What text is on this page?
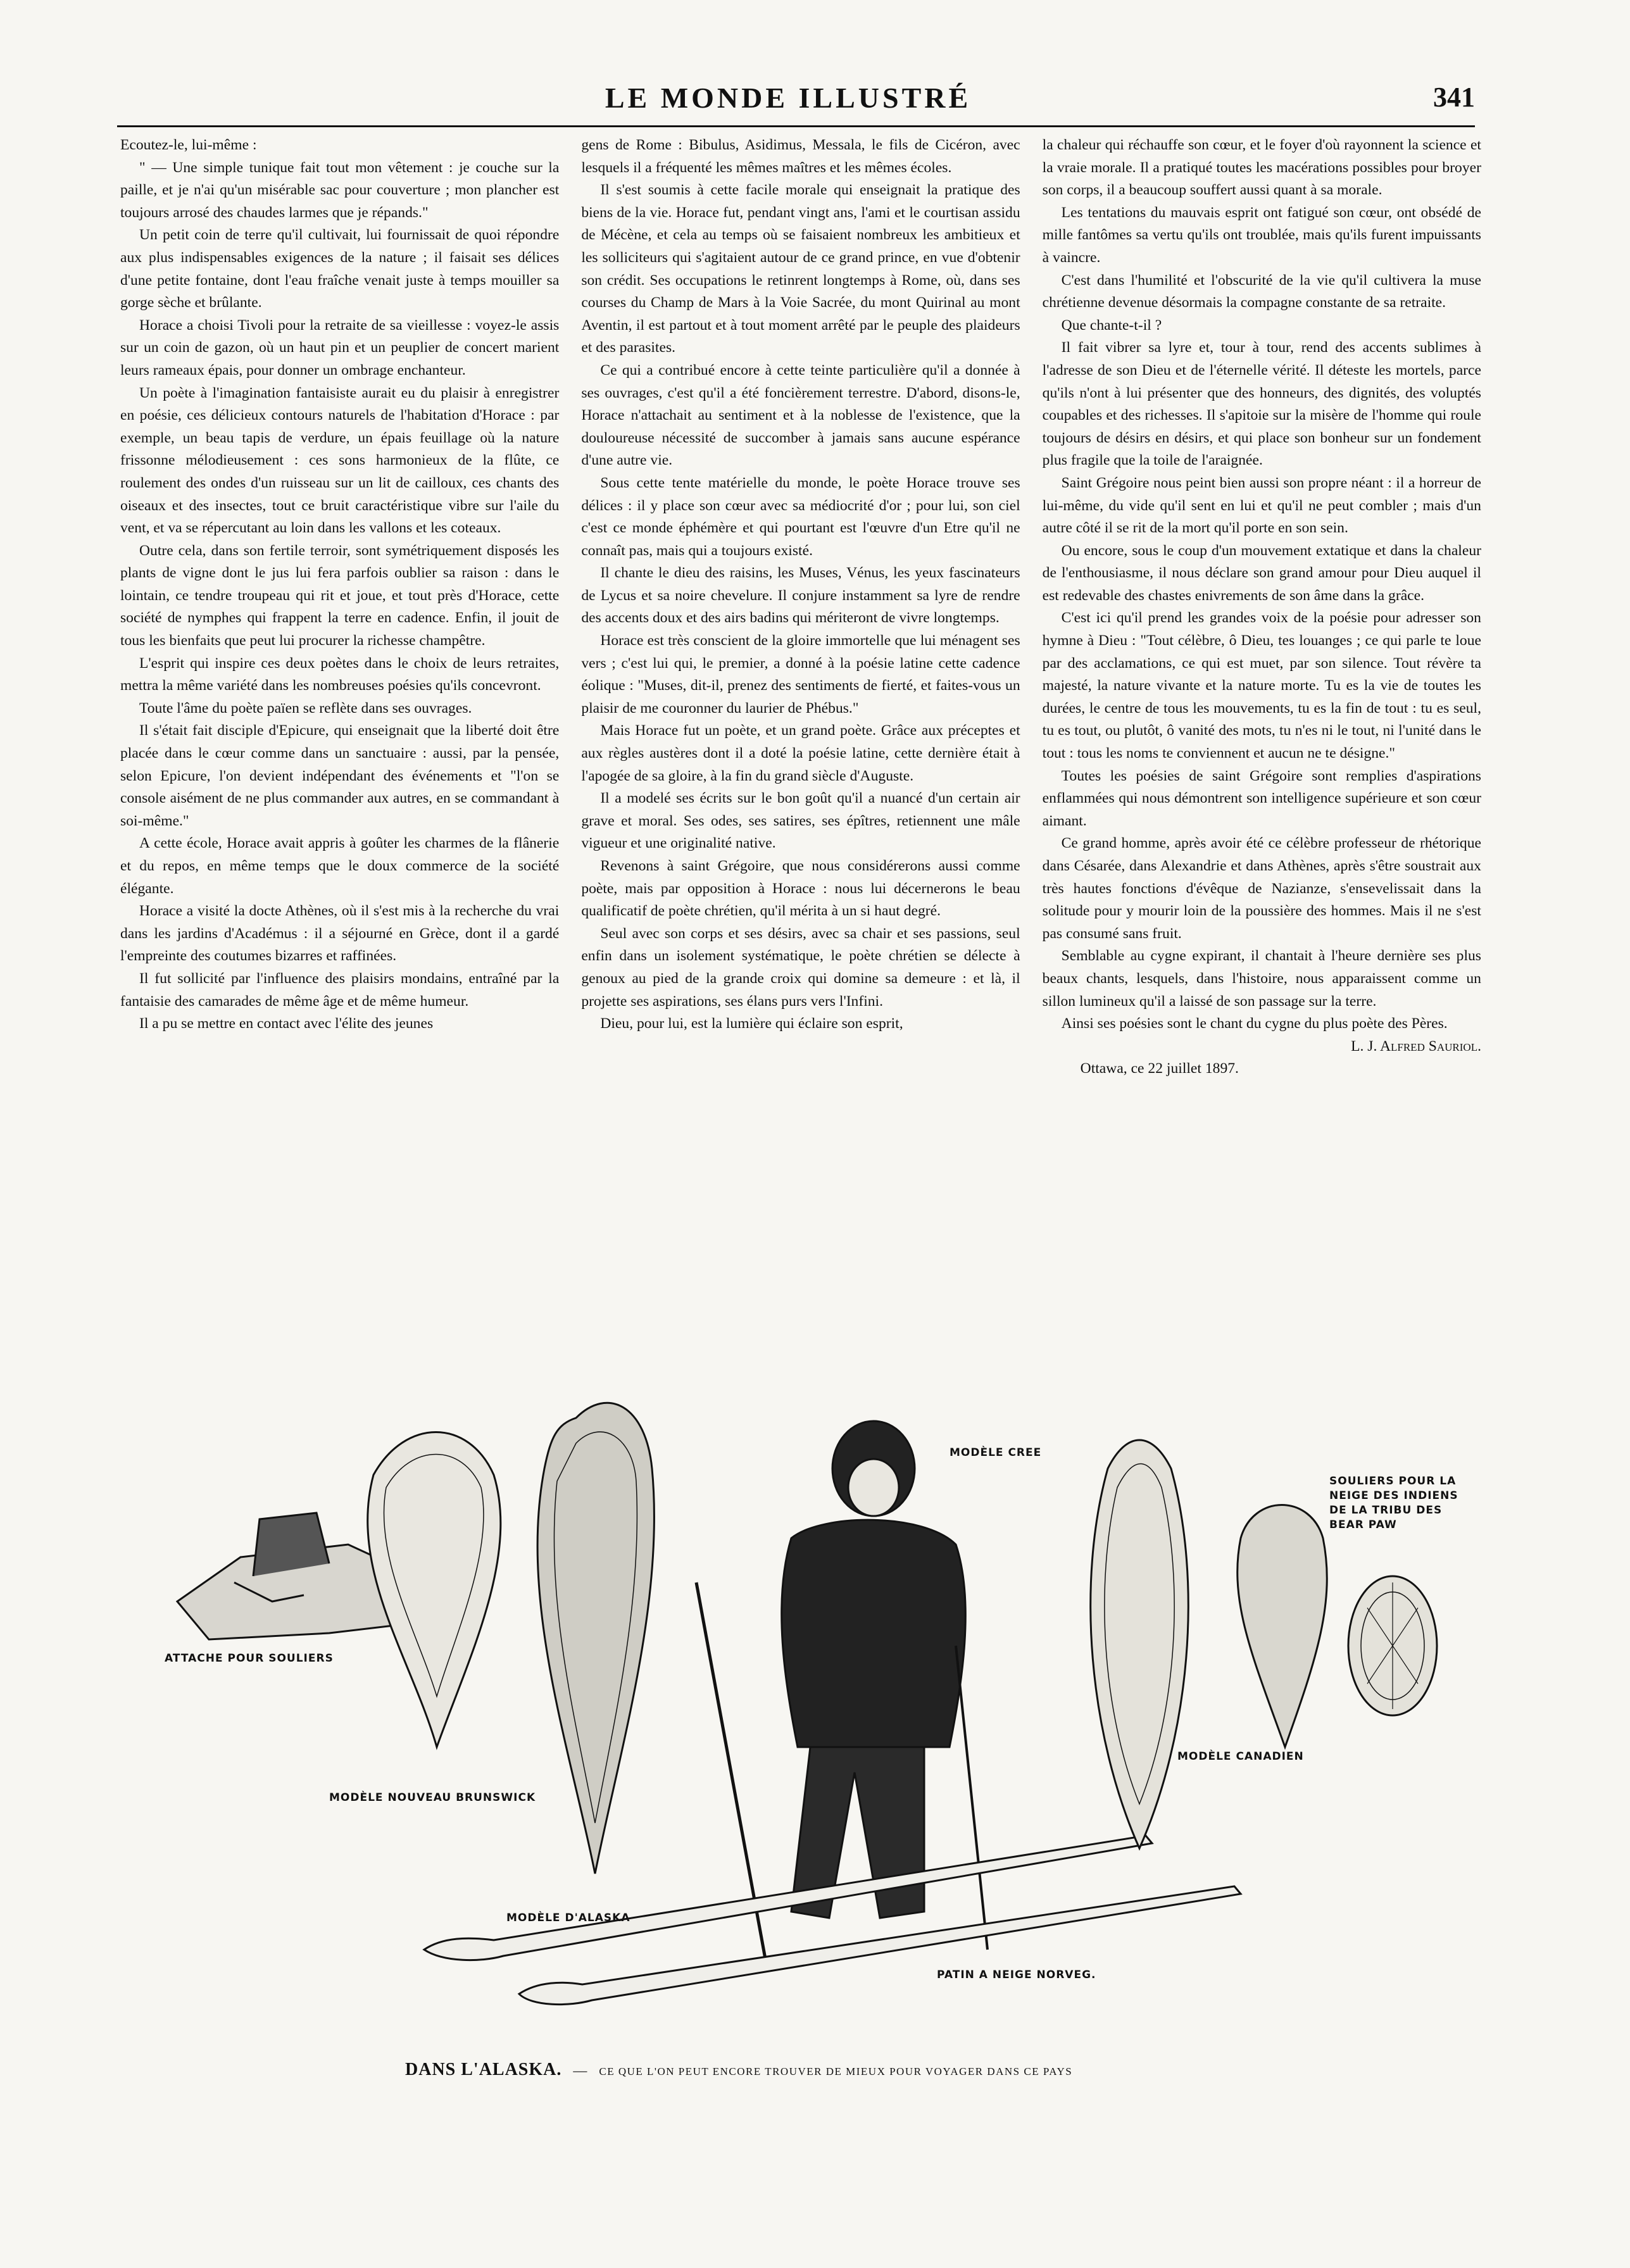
LE MONDE ILLUSTRÉ	341

Ecoutez-le, lui-même :

" — Une simple tunique fait tout mon vêtement : je couche sur la paille, et je n'ai qu'un misérable sac pour couverture ; mon plancher est toujours arrosé des chaudes larmes que je répands."

Un petit coin de terre qu'il cultivait, lui fournissait de quoi répondre aux plus indispensables exigences de la nature ; il faisait ses délices d'une petite fontaine, dont l'eau fraîche venait juste à temps mouiller sa gorge sèche et brûlante.

Horace a choisi Tivoli pour la retraite de sa vieillesse : voyez-le assis sur un coin de gazon, où un haut pin et un peuplier de concert marient leurs rameaux épais, pour donner un ombrage enchanteur.

Un poète à l'imagination fantaisiste aurait eu du plaisir à enregistrer en poésie, ces délicieux contours naturels de l'habitation d'Horace : par exemple, un beau tapis de verdure, un épais feuillage où la nature frissonne mélodieusement : ces sons harmonieux de la flûte, ce roulement des ondes d'un ruisseau sur un lit de cailloux, ces chants des oiseaux et des insectes, tout ce bruit caractéristique vibre sur l'aile du vent, et va se répercutant au loin dans les vallons et les coteaux.

Outre cela, dans son fertile terroir, sont symétriquement disposés les plants de vigne dont le jus lui fera parfois oublier sa raison : dans le lointain, ce tendre troupeau qui rit et joue, et tout près d'Horace, cette société de nymphes qui frappent la terre en cadence. Enfin, il jouit de tous les bienfaits que peut lui procurer la richesse champêtre.

L'esprit qui inspire ces deux poètes dans le choix de leurs retraites, mettra la même variété dans les nombreuses poésies qu'ils concevront.

Toute l'âme du poète païen se reflète dans ses ouvrages.

Il s'était fait disciple d'Epicure, qui enseignait que la liberté doit être placée dans le cœur comme dans un sanctuaire : aussi, par la pensée, selon Epicure, l'on devient indépendant des événements et "l'on se console aisément de ne plus commander aux autres, en se commandant à soi-même."

A cette école, Horace avait appris à goûter les charmes de la flânerie et du repos, en même temps que le doux commerce de la société élégante.

Horace a visité la docte Athènes, où il s'est mis à la recherche du vrai dans les jardins d'Académus : il a séjourné en Grèce, dont il a gardé l'empreinte des coutumes bizarres et raffinées.

Il fut sollicité par l'influence des plaisirs mondains, entraîné par la fantaisie des camarades de même âge et de même humeur.

Il a pu se mettre en contact avec l'élite des jeunes

gens de Rome : Bibulus, Asidimus, Messala, le fils de Cicéron, avec lesquels il a fréquenté les mêmes maîtres et les mêmes écoles.

Il s'est soumis à cette facile morale qui enseignait la pratique des biens de la vie. Horace fut, pendant vingt ans, l'ami et le courtisan assidu de Mécène, et cela au temps où se faisaient nombreux les ambitieux et les solliciteurs qui s'agitaient autour de ce grand prince, en vue d'obtenir son crédit. Ses occupations le retinrent longtemps à Rome, où, dans ses courses du Champ de Mars à la Voie Sacrée, du mont Quirinal au mont Aventin, il est partout et à tout moment arrêté par le peuple des plaideurs et des parasites.

Ce qui a contribué encore à cette teinte particulière qu'il a donnée à ses ouvrages, c'est qu'il a été foncièrement terrestre. D'abord, disons-le, Horace n'attachait au sentiment et à la noblesse de l'existence, que la douloureuse nécessité de succomber à jamais sans aucune espérance d'une autre vie.

Sous cette tente matérielle du monde, le poète Horace trouve ses délices : il y place son cœur avec sa médiocrité d'or ; pour lui, son ciel c'est ce monde éphémère et qui pourtant est l'œuvre d'un Etre qu'il ne connaît pas, mais qui a toujours existé.

Il chante le dieu des raisins, les Muses, Vénus, les yeux fascinateurs de Lycus et sa noire chevelure. Il conjure instamment sa lyre de rendre des accents doux et des airs badins qui mériteront de vivre longtemps.

Horace est très conscient de la gloire immortelle que lui ménagent ses vers ; c'est lui qui, le premier, a donné à la poésie latine cette cadence éolique : "Muses, dit-il, prenez des sentiments de fierté, et faites-vous un plaisir de me couronner du laurier de Phébus."

Mais Horace fut un poète, et un grand poète. Grâce aux préceptes et aux règles austères dont il a doté la poésie latine, cette dernière était à l'apogée de sa gloire, à la fin du grand siècle d'Auguste.

Il a modelé ses écrits sur le bon goût qu'il a nuancé d'un certain air grave et moral. Ses odes, ses satires, ses épîtres, retiennent une mâle vigueur et une originalité native.

Revenons à saint Grégoire, que nous considérerons aussi comme poète, mais par opposition à Horace : nous lui décernerons le beau qualificatif de poète chrétien, qu'il mérita à un si haut degré.

Seul avec son corps et ses désirs, avec sa chair et ses passions, seul enfin dans un isolement systématique, le poète chrétien se délecte à genoux au pied de la grande croix qui domine sa demeure : et là, il projette ses aspirations, ses élans purs vers l'Infini.

Dieu, pour lui, est la lumière qui éclaire son esprit,

la chaleur qui réchauffe son cœur, et le foyer d'où rayonnent la science et la vraie morale. Il a pratiqué toutes les macérations possibles pour broyer son corps, il a beaucoup souffert aussi quant à sa morale.

Les tentations du mauvais esprit ont fatigué son cœur, ont obsédé de mille fantômes sa vertu qu'ils ont troublée, mais qu'ils furent impuissants à vaincre.

C'est dans l'humilité et l'obscurité de la vie qu'il cultivera la muse chrétienne devenue désormais la compagne constante de sa retraite.

Que chante-t-il ?

Il fait vibrer sa lyre et, tour à tour, rend des accents sublimes à l'adresse de son Dieu et de l'éternelle vérité. Il déteste les mortels, parce qu'ils n'ont à lui présenter que des honneurs, des dignités, des voluptés coupables et des richesses. Il s'apitoie sur la misère de l'homme qui roule toujours de désirs en désirs, et qui place son bonheur sur un fondement plus fragile que la toile de l'araignée.

Saint Grégoire nous peint bien aussi son propre néant : il a horreur de lui-même, du vide qu'il sent en lui et qu'il ne peut combler ; mais d'un autre côté il se rit de la mort qu'il porte en son sein.

Ou encore, sous le coup d'un mouvement extatique et dans la chaleur de l'enthousiasme, il nous déclare son grand amour pour Dieu auquel il est redevable des chastes enivrements de son âme dans la grâce.

C'est ici qu'il prend les grandes voix de la poésie pour adresser son hymne à Dieu : "Tout célèbre, ô Dieu, tes louanges ; ce qui parle te loue par des acclamations, ce qui est muet, par son silence. Tout révère ta majesté, la nature vivante et la nature morte. Tu es la vie de toutes les durées, le centre de tous les mouvements, tu es la fin de tout : tu es seul, tu es tout, ou plutôt, ô vanité des mots, tu n'es ni le tout, ni l'unité dans le tout : tous les noms te conviennent et aucun ne te désigne."

Toutes les poésies de saint Grégoire sont remplies d'aspirations enflammées qui nous démontrent son intelligence supérieure et son cœur aimant.

Ce grand homme, après avoir été ce célèbre professeur de rhétorique dans Césarée, dans Alexandrie et dans Athènes, après s'être soustrait aux très hautes fonctions d'évêque de Nazianze, s'ensevelissait dans la solitude pour y mourir loin de la poussière des hommes. Mais il ne s'est pas consumé sans fruit.

Semblable au cygne expirant, il chantait à l'heure dernière ses plus beaux chants, lesquels, dans l'histoire, nous apparaissent comme un sillon lumineux qu'il a laissé de son passage sur la terre.

Ainsi ses poésies sont le chant du cygne du plus poète des Pères.

L. J. Alfred Sauriol.

Ottawa, ce 22 juillet 1897.

ATTACHE POUR SOULIERS
MODÈLE NOUVEAU BRUNSWICK
MODÈLE D'ALASKA
MODÈLE CREE
MODÈLE CANADIEN
SOULIERS POUR LA
NEIGE DES INDIENS
DE LA TRIBU DES
BEAR PAW
PATIN A NEIGE NORVEG.
DANS L'ALASKA. — CE QUE L'ON PEUT ENCORE TROUVER DE MIEUX POUR VOYAGER DANS CE PAYS
